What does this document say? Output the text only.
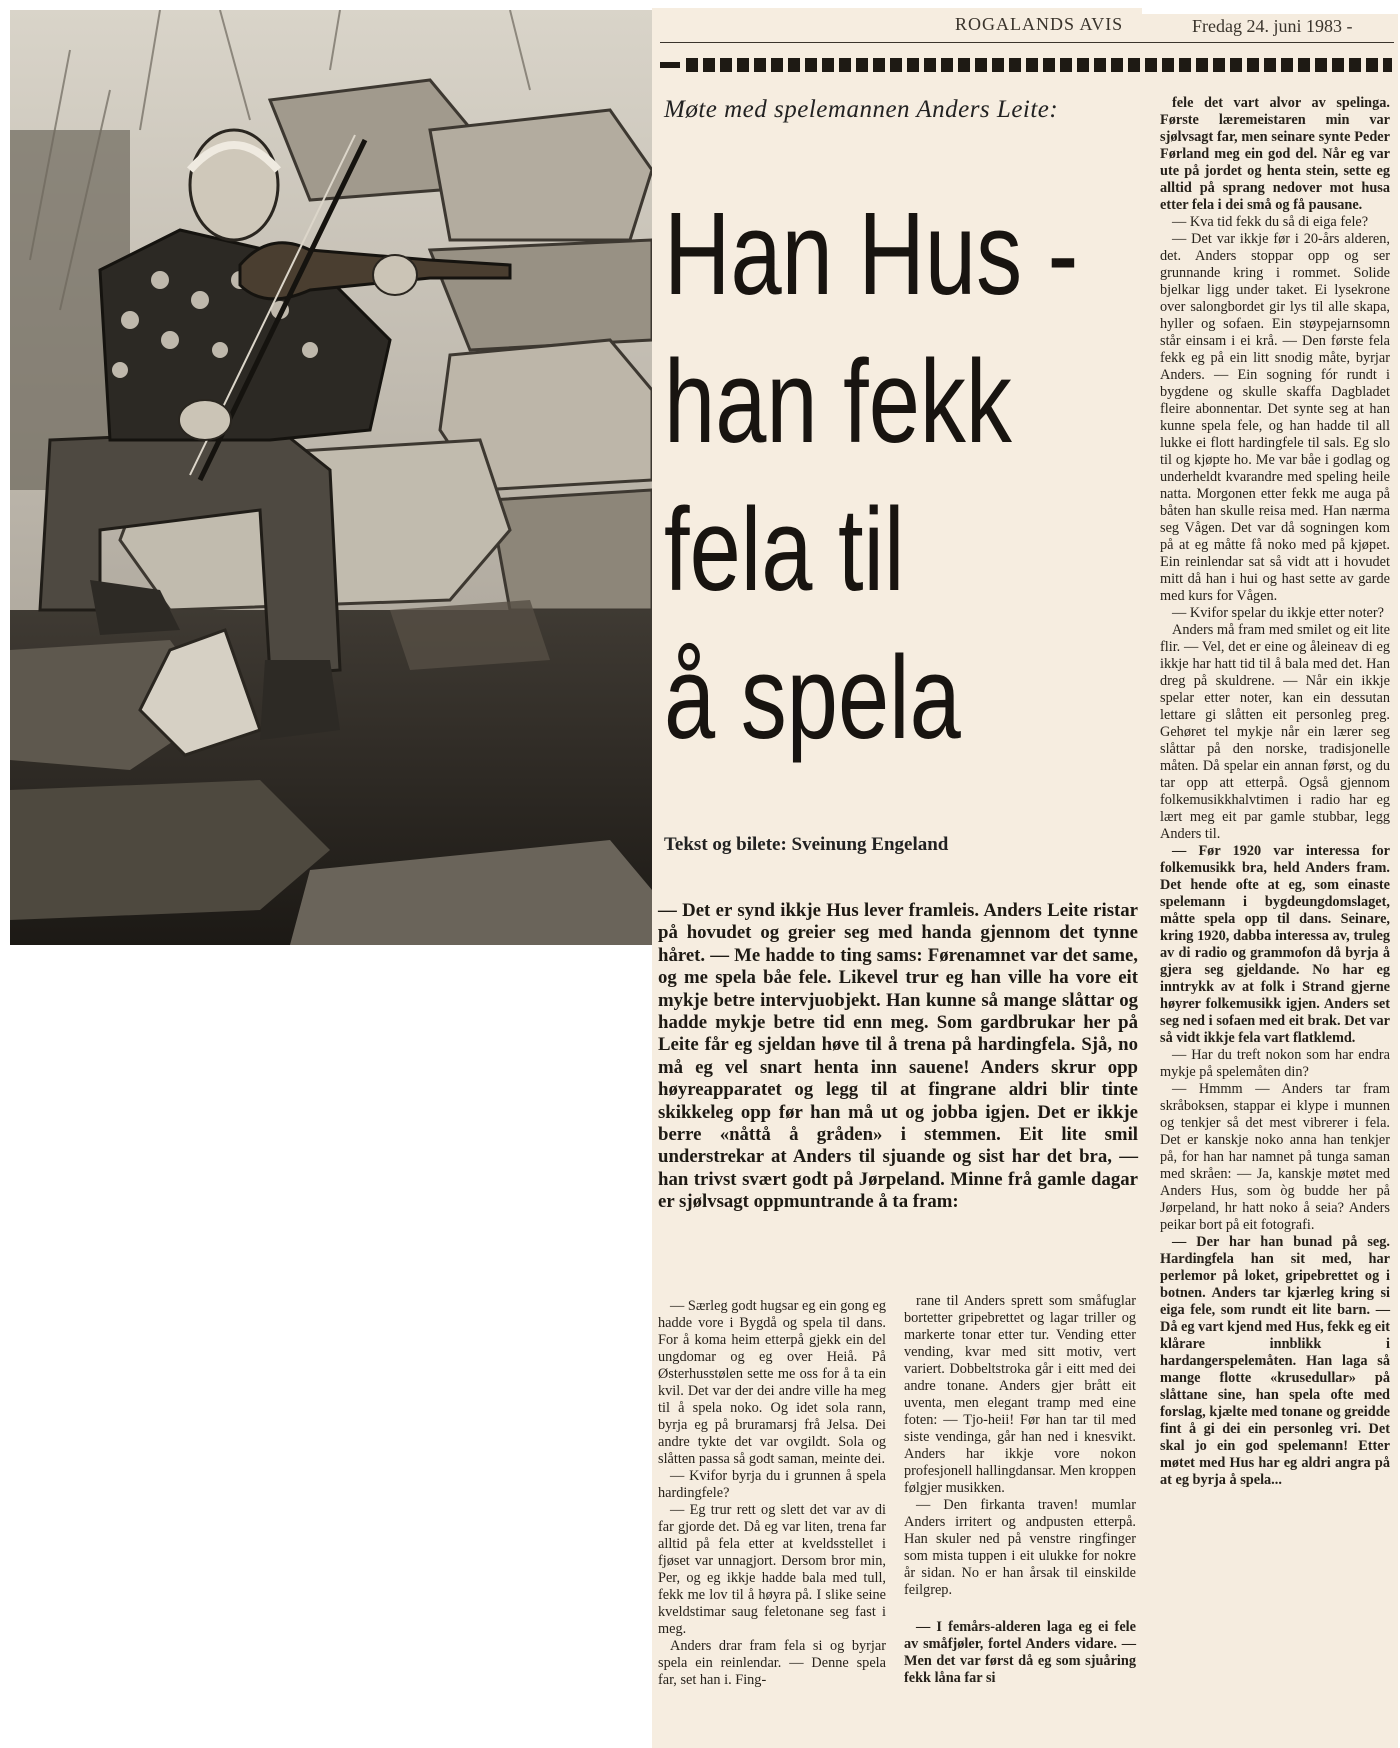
ROGALANDS AVIS	Fredag 24. juni 1983 -
Møte med spelemannen Anders Leite:
Han Hus -
han fekk
fela til
å spela
Tekst og bilete: Sveinung Engeland
— Det er synd ikkje Hus lever framleis. Anders Leite ristar på hovudet og greier seg med handa gjennom det tynne håret. — Me hadde to ting sams: Førenamnet var det same, og me spela båe fele. Likevel trur eg han ville ha vore eit mykje betre intervjuobjekt. Han kunne så mange slåttar og hadde mykje betre tid enn meg. Som gardbrukar her på Leite får eg sjeldan høve til å trena på hardingfela. Sjå, no må eg vel snart henta inn sauene! Anders skrur opp høyreapparatet og legg til at fingrane aldri blir tinte skikkeleg opp før han må ut og jobba igjen. Det er ikkje berre «nåttå å gråden» i stemmen. Eit lite smil understrekar at Anders til sjuande og sist har det bra, — han trivst svært godt på Jørpeland. Minne frå gamle dagar er sjølvsagt oppmuntrande å ta fram:

— Særleg godt hugsar eg ein gong eg hadde vore i Bygdå og spela til dans. For å koma heim etterpå gjekk ein del ungdomar og eg over Heiå. På Østerhusstølen sette me oss for å ta ein kvil. Det var der dei andre ville ha meg til å spela noko. Og idet sola rann, byrja eg på bruramarsj frå Jelsa. Dei andre tykte det var ovgildt. Sola og slåtten passa så godt saman, meinte dei.

— Kvifor byrja du i grunnen å spela hardingfele?

— Eg trur rett og slett det var av di far gjorde det. Då eg var liten, trena far alltid på fela etter at kveldsstellet i fjøset var unnagjort. Dersom bror min, Per, og eg ikkje hadde bala med tull, fekk me lov til å høyra på. I slike seine kveldstimar saug feletonane seg fast i meg.

Anders drar fram fela si og byrjar spela ein reinlendar. — Denne spela far, set han i. Fing-

rane til Anders sprett som småfuglar bortetter gripebrettet og lagar triller og markerte tonar etter tur. Vending etter vending, kvar med sitt motiv, vert variert. Dobbeltstroka går i eitt med dei andre tonane. Anders gjer brått eit uventa, men elegant tramp med eine foten: — Tjo-heii! Før han tar til med siste vendinga, går han ned i knesvikt. Anders har ikkje vore nokon profesjonell hallingdansar. Men kroppen følgjer musikken.

— Den firkanta traven! mumlar Anders irritert og andpusten etterpå. Han skuler ned på venstre ringfinger som mista tuppen i eit ulukke for nokre år sidan. No er han årsak til einskilde feilgrep.

— I femårs-alderen laga eg ei fele av småfjøler, fortel Anders vidare. — Men det var først då eg som sjuåring fekk låna far si

fele det vart alvor av spelinga. Første læremeistaren min var sjølvsagt far, men seinare synte Peder Førland meg ein god del. Når eg var ute på jordet og henta stein, sette eg alltid på sprang nedover mot husa etter fela i dei små og få pausane.

— Kva tid fekk du så di eiga fele?

— Det var ikkje før i 20-års alderen, det. Anders stoppar opp og ser grunnande kring i rommet. Solide bjelkar ligg under taket. Ei lysekrone over salongbordet gir lys til alle skapa, hyller og sofaen. Ein støypejarnsomn står einsam i ei krå. — Den første fela fekk eg på ein litt snodig måte, byrjar Anders. — Ein sogning fór rundt i bygdene og skulle skaffa Dagbladet fleire abonnentar. Det synte seg at han kunne spela fele, og han hadde til all lukke ei flott hardingfele til sals. Eg slo til og kjøpte ho. Me var båe i godlag og underheldt kvarandre med speling heile natta. Morgonen etter fekk me auga på båten han skulle reisa med. Han nærma seg Vågen. Det var då sogningen kom på at eg måtte få noko med på kjøpet. Ein reinlendar sat så vidt att i hovudet mitt då han i hui og hast sette av garde med kurs for Vågen.

— Kvifor spelar du ikkje etter noter?

Anders må fram med smilet og eit lite flir. — Vel, det er eine og åleineav di eg ikkje har hatt tid til å bala med det. Han dreg på skuldrene. — Når ein ikkje spelar etter noter, kan ein dessutan lettare gi slåtten eit personleg preg. Gehøret tel mykje når ein lærer seg slåttar på den norske, tradisjonelle måten. Då spelar ein annan først, og du tar opp att etterpå. Også gjennom folkemusikkhalvtimen i radio har eg lært meg eit par gamle stubbar, legg Anders til.

— Før 1920 var interessa for folkemusikk bra, held Anders fram. Det hende ofte at eg, som einaste spelemann i bygdeungdomslaget, måtte spela opp til dans. Seinare, kring 1920, dabba interessa av, truleg av di radio og grammofon då byrja å gjera seg gjeldande. No har eg inntrykk av at folk i Strand gjerne høyrer folkemusikk igjen. Anders set seg ned i sofaen med eit brak. Det var så vidt ikkje fela vart flatklemd.

— Har du treft nokon som har endra mykje på spelemåten din?

— Hmmm — Anders tar fram skråboksen, stappar ei klype i munnen og tenkjer så det mest vibrerer i fela. Det er kanskje noko anna han tenkjer på, for han har namnet på tunga saman med skråen: — Ja, kanskje møtet med Anders Hus, som òg budde her på Jørpeland, hr hatt noko å seia? Anders peikar bort på eit fotografi.

— Der har han bunad på seg. Hardingfela han sit med, har perlemor på loket, gripebrettet og i botnen. Anders tar kjærleg kring si eiga fele, som rundt eit lite barn. — Då eg vart kjend med Hus, fekk eg eit klårare innblikk i hardangerspelemåten. Han laga så mange flotte «krusedullar» på slåttane sine, han spela ofte med forslag, kjælte med tonane og greidde fint å gi dei ein personleg vri. Det skal jo ein god spelemann! Etter møtet med Hus har eg aldri angra på at eg byrja å spela...
